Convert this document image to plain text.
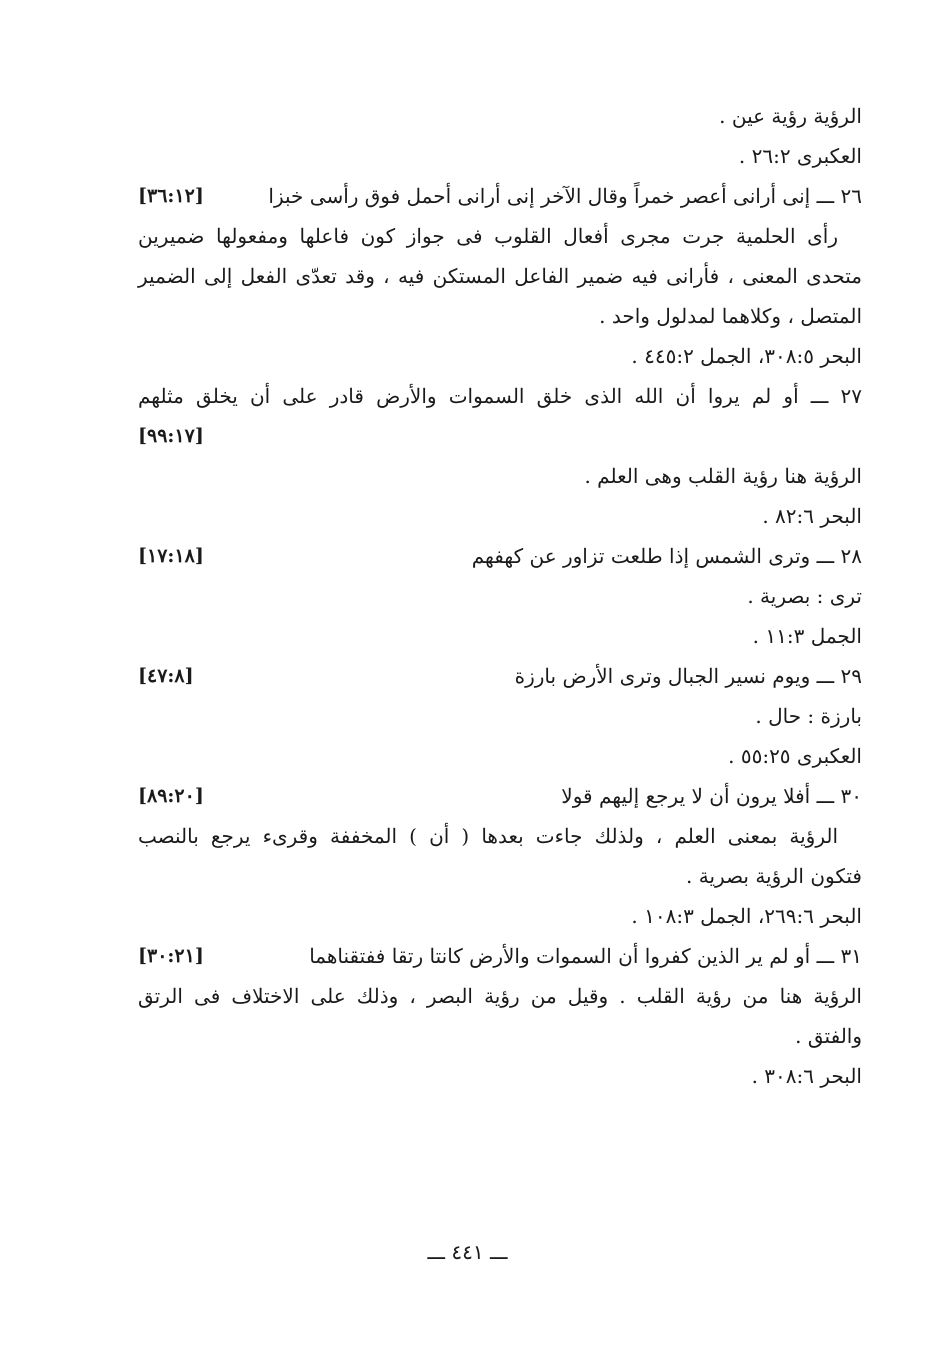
الرؤية رؤية عين .
العكبرى ٢٦:٢ .
٢٦ ـــ إنى أرانى أعصر خمراً وقال الآخر إنى أرانى أحمل فوق رأسى خبزا
[٣٦:١٢]
رأى الحلمية جرت مجرى أفعال القلوب فى جواز كون فاعلها ومفعولها ضميرين
متحدى المعنى ، فأرانى فيه ضمير الفاعل المستكن فيه ، وقد تعدّى الفعل إلى الضمير
المتصل ، وكلاهما لمدلول واحد .
البحر ٣٠٨:٥، الجمل ٤٤٥:٢ .
٢٧ ـــ أو لم يروا أن الله الذى خلق السموات والأرض قادر على أن يخلق مثلهم
[٩٩:١٧]
الرؤية هنا رؤية القلب وهى العلم .
البحر ٨٢:٦ .
٢٨ ـــ وترى الشمس إذا طلعت تزاور عن كهفهم
[١٧:١٨]
ترى : بصرية .
الجمل ١١:٣ .
٢٩ ـــ ويوم نسير الجبال وترى الأرض بارزة
[٤٧:٨]
بارزة : حال .
العكبرى ٥٥:٢٥ .
٣٠ ـــ أفلا يرون أن لا يرجع إليهم قولا
[٨٩:٢٠]
الرؤية بمعنى العلم ، ولذلك جاءت بعدها ( أن ) المخففة وقرىء يرجع بالنصب
فتكون الرؤية بصرية .
البحر ٢٦٩:٦، الجمل ١٠٨:٣ .
٣١ ـــ أو لم ير الذين كفروا أن السموات والأرض كانتا رتقا ففتقناهما
[٣٠:٢١]
الرؤية هنا من رؤية القلب . وقيل من رؤية البصر ، وذلك على الاختلاف فى الرتق
والفتق .
البحر ٣٠٨:٦ .
ـــ ٤٤١ ـــ
